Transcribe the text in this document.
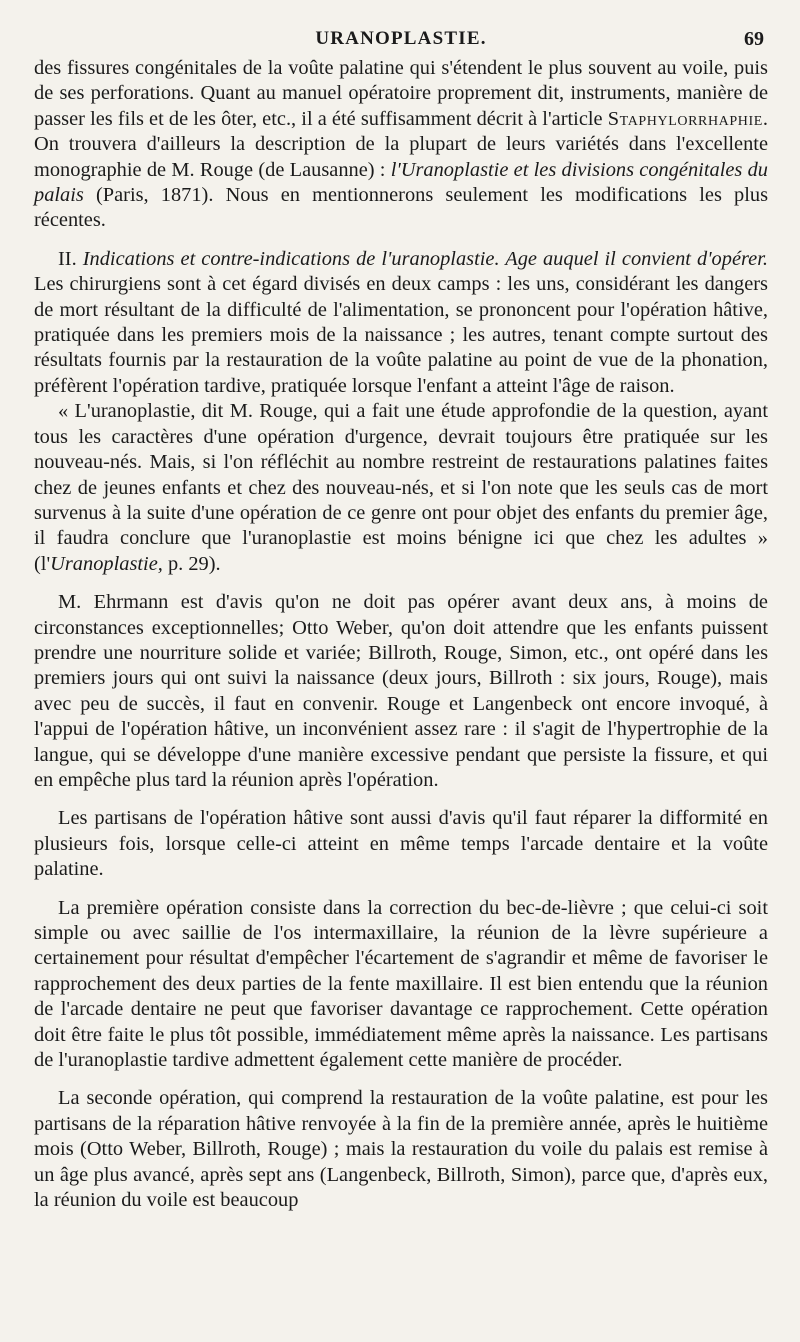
URANOPLASTIE.	69

des fissures congénitales de la voûte palatine qui s'étendent le plus souvent au voile, puis de ses perforations. Quant au manuel opératoire proprement dit, instruments, manière de passer les fils et de les ôter, etc., il a été suffisamment décrit à l'article Staphylorrhaphie. On trouvera d'ailleurs la description de la plupart de leurs variétés dans l'excellente monographie de M. Rouge (de Lausanne) : l'Uranoplastie et les divisions congénitales du palais (Paris, 1871). Nous en mentionnerons seulement les modifications les plus récentes.

II. Indications et contre-indications de l'uranoplastie. Age auquel il convient d'opérer. Les chirurgiens sont à cet égard divisés en deux camps : les uns, considérant les dangers de mort résultant de la difficulté de l'alimentation, se prononcent pour l'opération hâtive, pratiquée dans les premiers mois de la naissance ; les autres, tenant compte surtout des résultats fournis par la restauration de la voûte palatine au point de vue de la phonation, préfèrent l'opération tardive, pratiquée lorsque l'enfant a atteint l'âge de raison.

« L'uranoplastie, dit M. Rouge, qui a fait une étude approfondie de la question, ayant tous les caractères d'une opération d'urgence, devrait toujours être pratiquée sur les nouveau-nés. Mais, si l'on réfléchit au nombre restreint de restaurations palatines faites chez de jeunes enfants et chez des nouveau-nés, et si l'on note que les seuls cas de mort survenus à la suite d'une opération de ce genre ont pour objet des enfants du premier âge, il faudra conclure que l'uranoplastie est moins bénigne ici que chez les adultes » (l'Uranoplastie, p. 29).

M. Ehrmann est d'avis qu'on ne doit pas opérer avant deux ans, à moins de circonstances exceptionnelles; Otto Weber, qu'on doit attendre que les enfants puissent prendre une nourriture solide et variée; Billroth, Rouge, Simon, etc., ont opéré dans les premiers jours qui ont suivi la naissance (deux jours, Billroth : six jours, Rouge), mais avec peu de succès, il faut en convenir. Rouge et Langenbeck ont encore invoqué, à l'appui de l'opération hâtive, un inconvénient assez rare : il s'agit de l'hypertrophie de la langue, qui se développe d'une manière excessive pendant que persiste la fissure, et qui en empêche plus tard la réunion après l'opération.

Les partisans de l'opération hâtive sont aussi d'avis qu'il faut réparer la difformité en plusieurs fois, lorsque celle-ci atteint en même temps l'arcade dentaire et la voûte palatine.

La première opération consiste dans la correction du bec-de-lièvre ; que celui-ci soit simple ou avec saillie de l'os intermaxillaire, la réunion de la lèvre supérieure a certainement pour résultat d'empêcher l'écartement de s'agrandir et même de favoriser le rapprochement des deux parties de la fente maxillaire. Il est bien entendu que la réunion de l'arcade dentaire ne peut que favoriser davantage ce rapprochement. Cette opération doit être faite le plus tôt possible, immédiatement même après la naissance. Les partisans de l'uranoplastie tardive admettent également cette manière de procéder.

La seconde opération, qui comprend la restauration de la voûte palatine, est pour les partisans de la réparation hâtive renvoyée à la fin de la première année, après le huitième mois (Otto Weber, Billroth, Rouge) ; mais la restauration du voile du palais est remise à un âge plus avancé, après sept ans (Langenbeck, Billroth, Simon), parce que, d'après eux, la réunion du voile est beaucoup
